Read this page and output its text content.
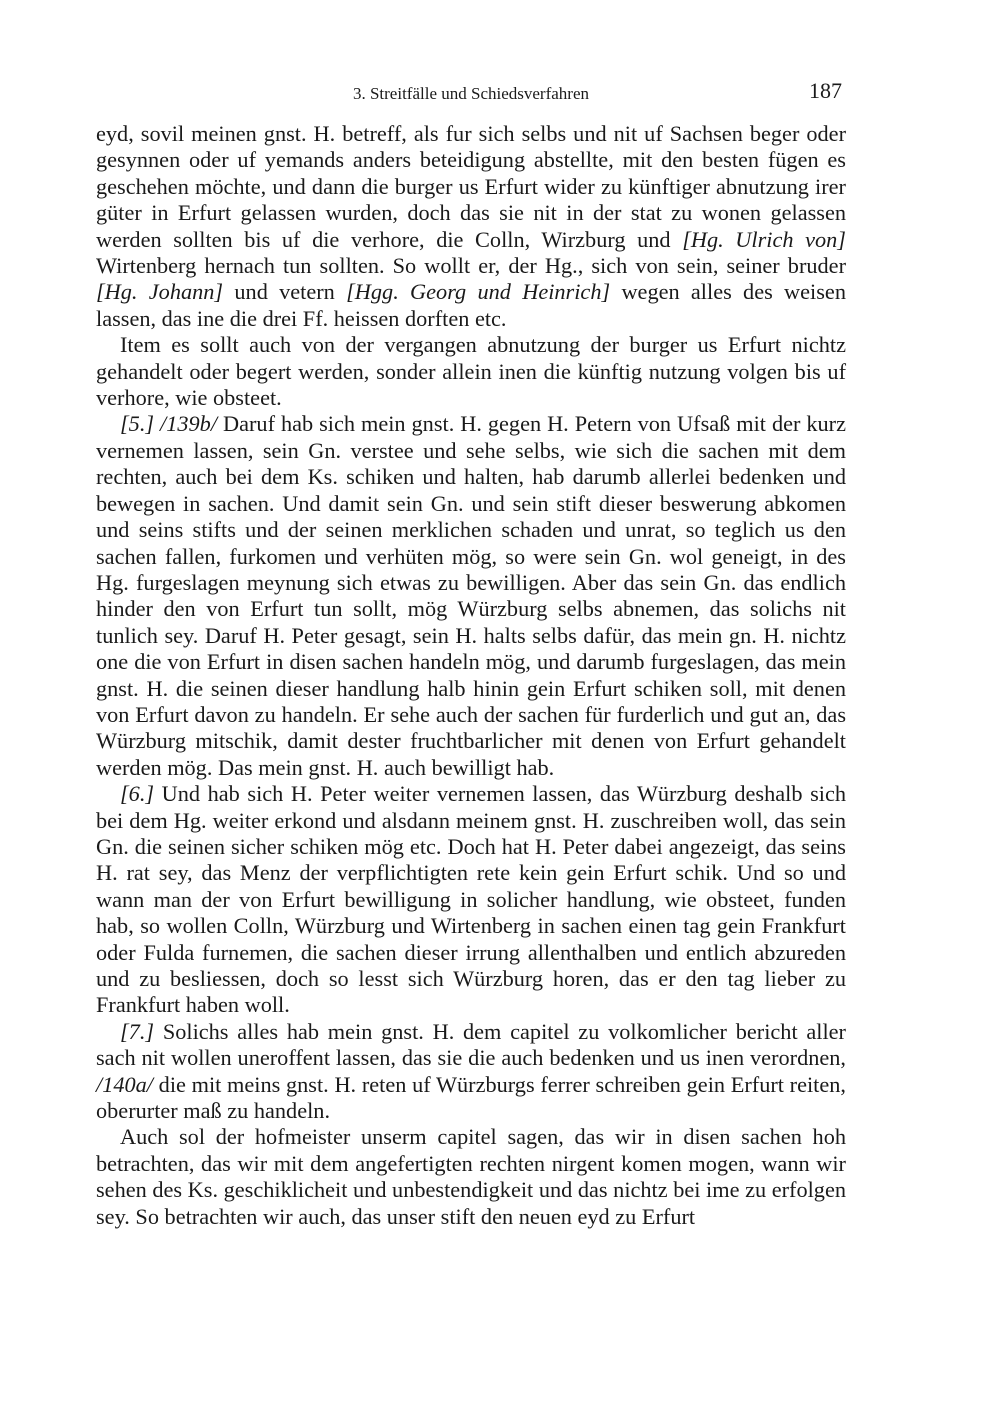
3. Streitfälle und Schiedsverfahren	187

eyd, sovil meinen gnst. H. betreff, als fur sich selbs und nit uf Sachsen beger oder gesynnen oder uf yemands anders beteidigung abstellte, mit den besten fügen es geschehen möchte, und dann die burger us Erfurt wider zu künftiger abnutzung irer güter in Erfurt gelassen wurden, doch das sie nit in der stat zu wonen gelassen werden sollten bis uf die verhore, die Colln, Wirzburg und [Hg. Ulrich von] Wirtenberg hernach tun sollten. So wollt er, der Hg., sich von sein, seiner bruder [Hg. Johann] und vetern [Hgg. Georg und Heinrich] wegen alles des weisen lassen, das ine die drei Ff. heissen dorften etc.

Item es sollt auch von der vergangen abnutzung der burger us Erfurt nichtz gehandelt oder begert werden, sonder allein inen die künftig nutzung volgen bis uf verhore, wie obsteet.

[5.] /139b/ Daruf hab sich mein gnst. H. gegen H. Petern von Ufsaß mit der kurz vernemen lassen, sein Gn. verstee und sehe selbs, wie sich die sachen mit dem rechten, auch bei dem Ks. schiken und halten, hab darumb allerlei bedenken und bewegen in sachen. Und damit sein Gn. und sein stift dieser beswerung abkomen und seins stifts und der seinen merklichen schaden und unrat, so teglich us den sachen fallen, furkomen und verhüten mög, so were sein Gn. wol geneigt, in des Hg. furgeslagen meynung sich etwas zu bewilligen. Aber das sein Gn. das endlich hinder den von Erfurt tun sollt, mög Würzburg selbs abnemen, das solichs nit tunlich sey. Daruf H. Peter gesagt, sein H. halts selbs dafür, das mein gn. H. nichtz one die von Erfurt in disen sachen handeln mög, und darumb furgeslagen, das mein gnst. H. die seinen dieser handlung halb hinin gein Erfurt schiken soll, mit denen von Erfurt davon zu handeln. Er sehe auch der sachen für furderlich und gut an, das Würzburg mitschik, damit dester fruchtbarlicher mit denen von Erfurt gehandelt werden mög. Das mein gnst. H. auch bewilligt hab.

[6.] Und hab sich H. Peter weiter vernemen lassen, das Würzburg deshalb sich bei dem Hg. weiter erkond und alsdann meinem gnst. H. zuschreiben woll, das sein Gn. die seinen sicher schiken mög etc. Doch hat H. Peter dabei angezeigt, das seins H. rat sey, das Menz der verpflichtigten rete kein gein Erfurt schik. Und so und wann man der von Erfurt bewilligung in solicher handlung, wie obsteet, funden hab, so wollen Colln, Würzburg und Wirtenberg in sachen einen tag gein Frankfurt oder Fulda furnemen, die sachen dieser irrung allenthalben und entlich abzureden und zu besliessen, doch so lesst sich Würzburg horen, das er den tag lieber zu Frankfurt haben woll.

[7.] Solichs alles hab mein gnst. H. dem capitel zu volkomlicher bericht aller sach nit wollen uneroffent lassen, das sie die auch bedenken und us inen verordnen, /140a/ die mit meins gnst. H. reten uf Würzburgs ferrer schreiben gein Erfurt reiten, oberurter maß zu handeln.

Auch sol der hofmeister unserm capitel sagen, das wir in disen sachen hoh betrachten, das wir mit dem angefertigten rechten nirgent komen mogen, wann wir sehen des Ks. geschiklicheit und unbestendigkeit und das nichtz bei ime zu erfolgen sey. So betrachten wir auch, das unser stift den neuen eyd zu Erfurt
